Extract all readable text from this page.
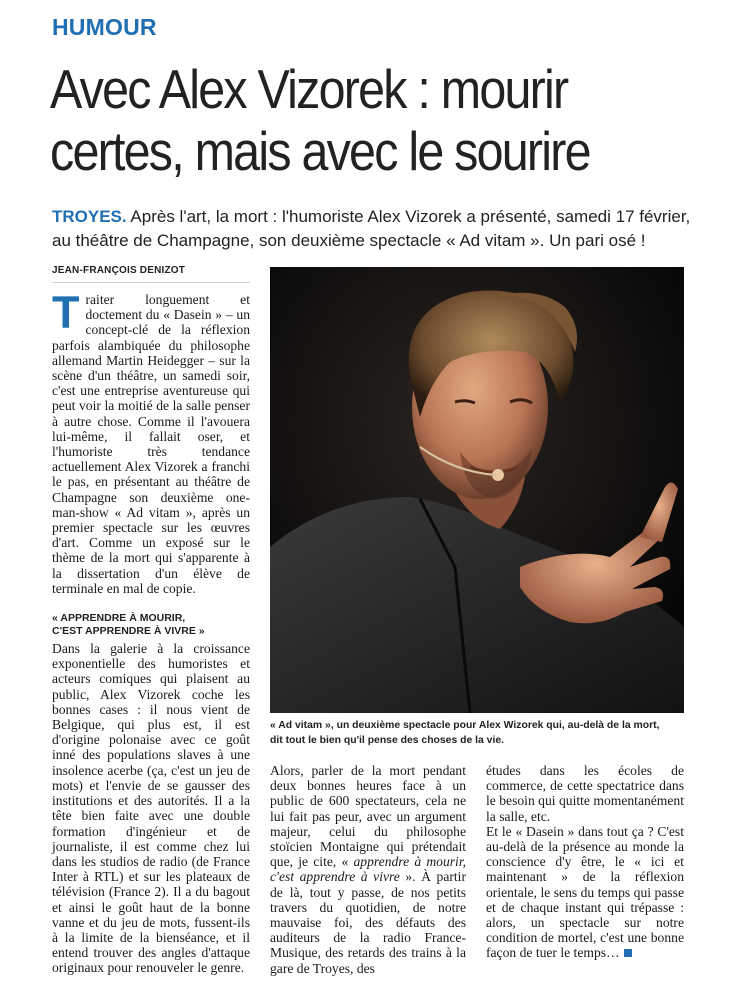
HUMOUR
Avec Alex Vizorek : mourir
certes, mais avec le sourire
TROYES. Après l'art, la mort : l'humoriste Alex Vizorek a présenté, samedi 17 février,
au théâtre de Champagne, son deuxième spectacle « Ad vitam ». Un pari osé !
JEAN-FRANÇOIS DENIZOT

Traiter longuement et doctement du « Dasein » – un concept-clé de la réflexion parfois alambiquée du philosophe allemand Martin Heidegger – sur la scène d'un théâtre, un samedi soir, c'est une entreprise aventureuse qui peut voir la moitié de la salle penser à autre chose. Comme il l'avouera lui-même, il fallait oser, et l'humoriste très tendance actuellement Alex Vizorek a franchi le pas, en présentant au théâtre de Champagne son deuxième one-man-show « Ad vitam », après un premier spectacle sur les œuvres d'art. Comme un exposé sur le thème de la mort qui s'apparente à la dissertation d'un élève de terminale en mal de copie.

« APPRENDRE À MOURIR,
C'EST APPRENDRE À VIVRE »

Dans la galerie à la croissance exponentielle des humoristes et acteurs comiques qui plaisent au public, Alex Vizorek coche les bonnes cases : il nous vient de Belgique, qui plus est, il est d'origine polonaise avec ce goût inné des populations slaves à une insolence acerbe (ça, c'est un jeu de mots) et l'envie de se gausser des institutions et des autorités. Il a la tête bien faite avec une double formation d'ingénieur et de journaliste, il est comme chez lui dans les studios de radio (de France Inter à RTL) et sur les plateaux de télévision (France 2). Il a du bagout et ainsi le goût haut de la bonne vanne et du jeu de mots, fussent-ils à la limite de la bienséance, et il entend trouver des angles d'attaque originaux pour renouveler le genre.

« Ad vitam », un deuxième spectacle pour Alex Wizorek qui, au-delà de la mort,
dit tout le bien qu'il pense des choses de la vie.

Alors, parler de la mort pendant deux bonnes heures face à un public de 600 spectateurs, cela ne lui fait pas peur, avec un argument majeur, celui du philosophe stoïcien Montaigne qui prétendait que, je cite, « apprendre à mourir, c'est apprendre à vivre ». À partir de là, tout y passe, de nos petits travers du quotidien, de notre mauvaise foi, des défauts des auditeurs de la radio France-Musique, des retards des trains à la gare de Troyes, des

études dans les écoles de commerce, de cette spectatrice dans le besoin qui quitte momentanément la salle, etc.

Et le « Dasein » dans tout ça ? C'est au-delà de la présence au monde la conscience d'y être, le « ici et maintenant » de la réflexion orientale, le sens du temps qui passe et de chaque instant qui trépasse : alors, un spectacle sur notre condition de mortel, c'est une bonne façon de tuer le temps…
